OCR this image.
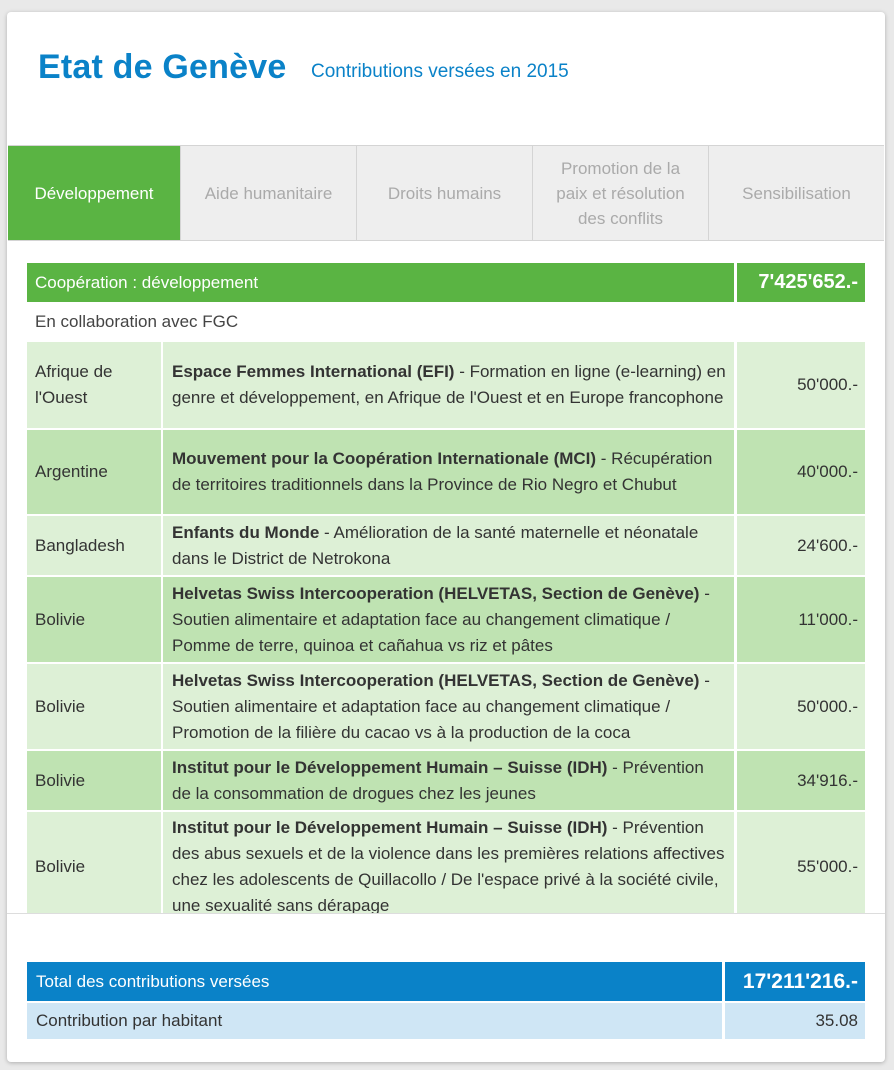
Etat de Genève Contributions versées en 2015
Développement	Aide humanitaire	Droits humains
Promotion de la
paix et résolution
des conflits
Sensibilisation
Coopération : développement	7'425'652.-
En collaboration avec FGC
Afrique de l'Ouest	Espace Femmes International (EFI) - Formation en ligne (e-learning) en genre et développement, en Afrique de l'Ouest et en Europe francophone	50'000.-
Argentine	Mouvement pour la Coopération Internationale (MCI) - Récupération de territoires traditionnels dans la Province de Rio Negro et Chubut	40'000.-
Bangladesh	Enfants du Monde - Amélioration de la santé maternelle et néonatale dans le District de Netrokona	24'600.-
Bolivie	Helvetas Swiss Intercooperation (HELVETAS, Section de Genève) - Soutien alimentaire et adaptation face au changement climatique / Pomme de terre, quinoa et cañahua vs riz et pâtes	11'000.-
Bolivie	Helvetas Swiss Intercooperation (HELVETAS, Section de Genève) - Soutien alimentaire et adaptation face au changement climatique / Promotion de la filière du cacao vs à la production de la coca	50'000.-
Bolivie	Institut pour le Développement Humain – Suisse (IDH) - Prévention de la consommation de drogues chez les jeunes	34'916.-
Bolivie	Institut pour le Développement Humain – Suisse (IDH) - Prévention des abus sexuels et de la violence dans les premières relations affectives chez les adolescents de Quillacollo / De l'espace privé à la société civile, une sexualité sans dérapage	55'000.-
Total des contributions versées	17'211'216.-
Contribution par habitant	35.08
